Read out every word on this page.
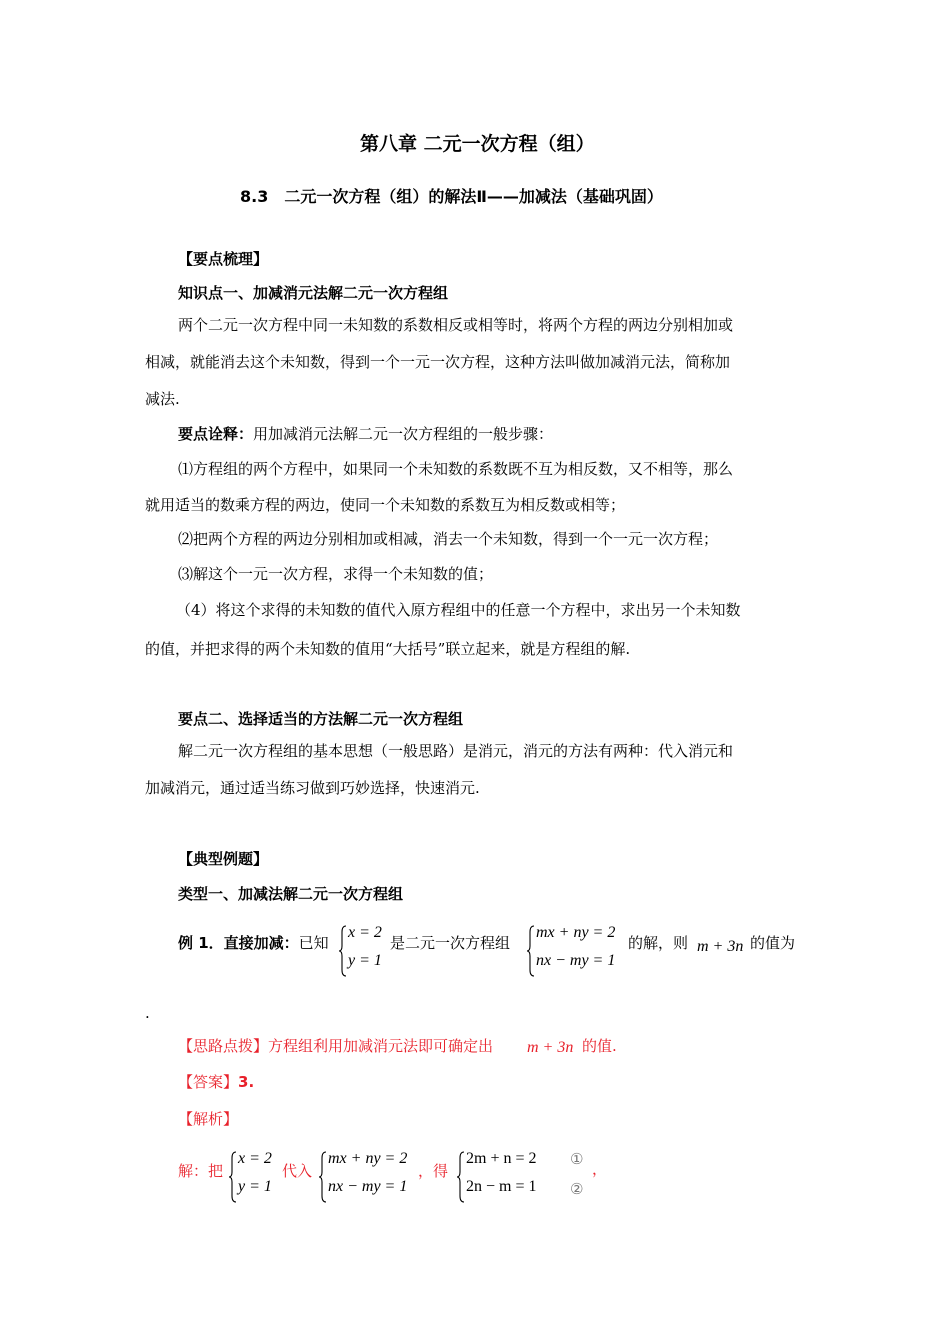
第八章 二元一次方程（组）
8.3　二元一次方程（组）的解法Ⅱ——加减法（基础巩固）
【要点梳理】
知识点一、加减消元法解二元一次方程组
两个二元一次方程中同一未知数的系数相反或相等时，将两个方程的两边分别相加或
相减，就能消去这个未知数，得到一个一元一次方程，这种方法叫做加减消元法，简称加
减法.
要点诠释：用加减消元法解二元一次方程组的一般步骤：
⑴方程组的两个方程中，如果同一个未知数的系数既不互为相反数，又不相等，那么
就用适当的数乘方程的两边，使同一个未知数的系数互为相反数或相等；
⑵把两个方程的两边分别相加或相减，消去一个未知数，得到一个一元一次方程；
⑶解这个一元一次方程，求得一个未知数的值；
（4）将这个求得的未知数的值代入原方程组中的任意一个方程中，求出另一个未知数
的值，并把求得的两个未知数的值用“大括号”联立起来，就是方程组的解.
要点二、选择适当的方法解二元一次方程组
解二元一次方程组的基本思想（一般思路）是消元，消元的方法有两种：代入消元和
加减消元，通过适当练习做到巧妙选择，快速消元.
【典型例题】
类型一、加减法解二元一次方程组
例 1．直接加减：已知
x = 2
y = 1
是二元一次方程组
mx + ny = 2
nx − my = 1
的解，则 m + 3n 的值为
.
【思路点拨】方程组利用加减消元法即可确定出 m + 3n 的值.
【答案】3.
【解析】
解：把
x = 2
y = 1
代入
mx + ny = 2
nx − my = 1
，得
2m + n = 2
2n − m = 1
①
②
，
